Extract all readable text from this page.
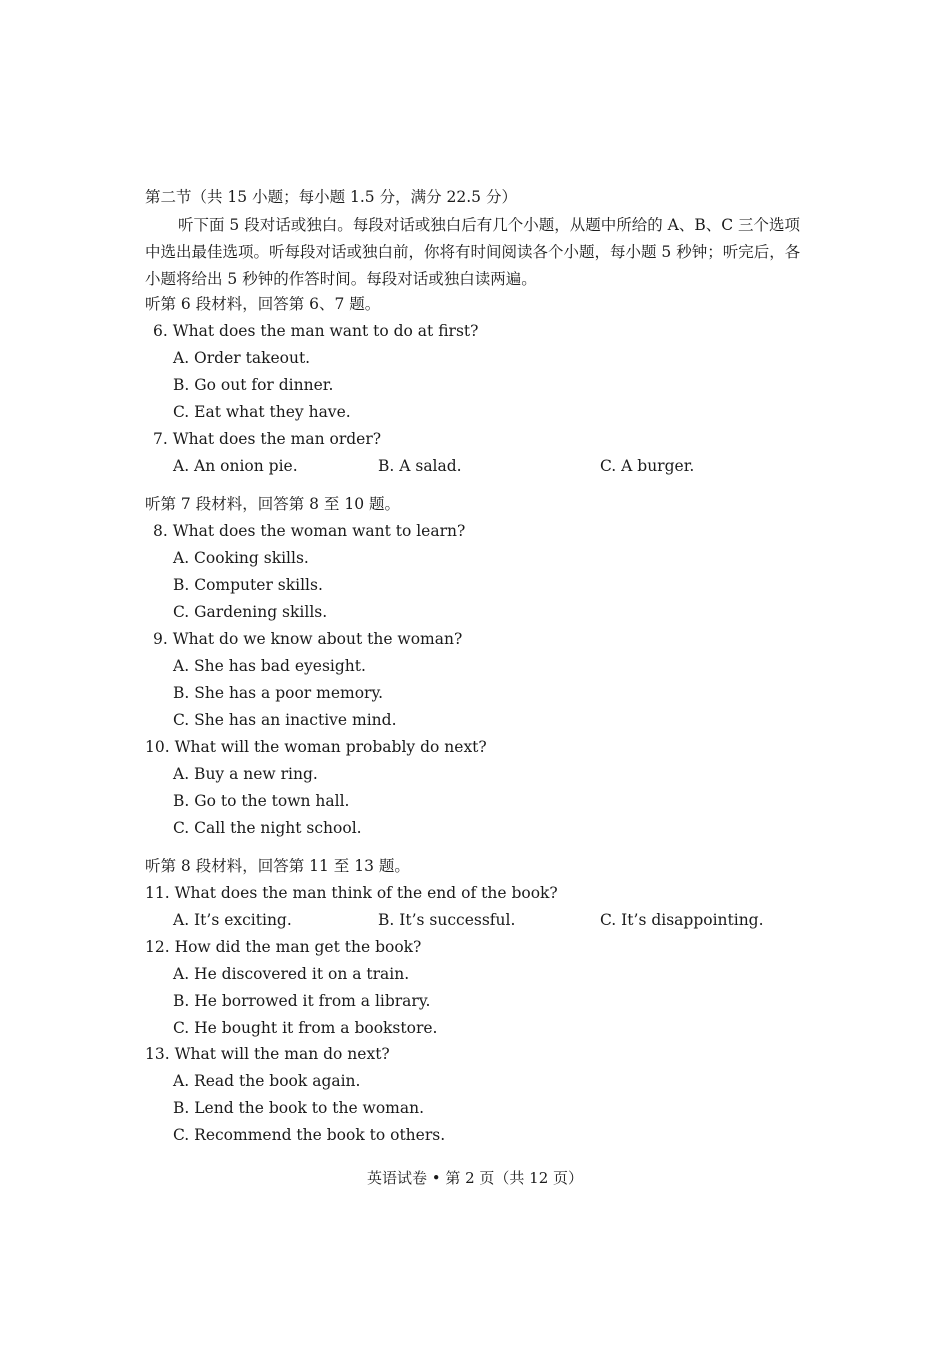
第二节（共 15 小题；每小题 1.5 分，满分 22.5 分）
听下面 5 段对话或独白。每段对话或独白后有几个小题，从题中所给的 A、B、C 三个选项中选出最佳选项。听每段对话或独白前，你将有时间阅读各个小题，每小题 5 秒钟；听完后，各小题将给出 5 秒钟的作答时间。每段对话或独白读两遍。
听第 6 段材料，回答第 6、7 题。
6. What does the man want to do at first?
A. Order takeout.
B. Go out for dinner.
C. Eat what they have.
7. What does the man order?
A. An onion pie.	B. A salad.	C. A burger.
听第 7 段材料，回答第 8 至 10 题。
8. What does the woman want to learn?
A. Cooking skills.
B. Computer skills.
C. Gardening skills.
9. What do we know about the woman?
A. She has bad eyesight.
B. She has a poor memory.
C. She has an inactive mind.
10. What will the woman probably do next?
A. Buy a new ring.
B. Go to the town hall.
C. Call the night school.
听第 8 段材料，回答第 11 至 13 题。
11. What does the man think of the end of the book?
A. It’s exciting.	B. It’s successful.	C. It’s disappointing.
12. How did the man get the book?
A. He discovered it on a train.
B. He borrowed it from a library.
C. He bought it from a bookstore.
13. What will the man do next?
A. Read the book again.
B. Lend the book to the woman.
C. Recommend the book to others.
英语试卷 • 第 2 页（共 12 页）
